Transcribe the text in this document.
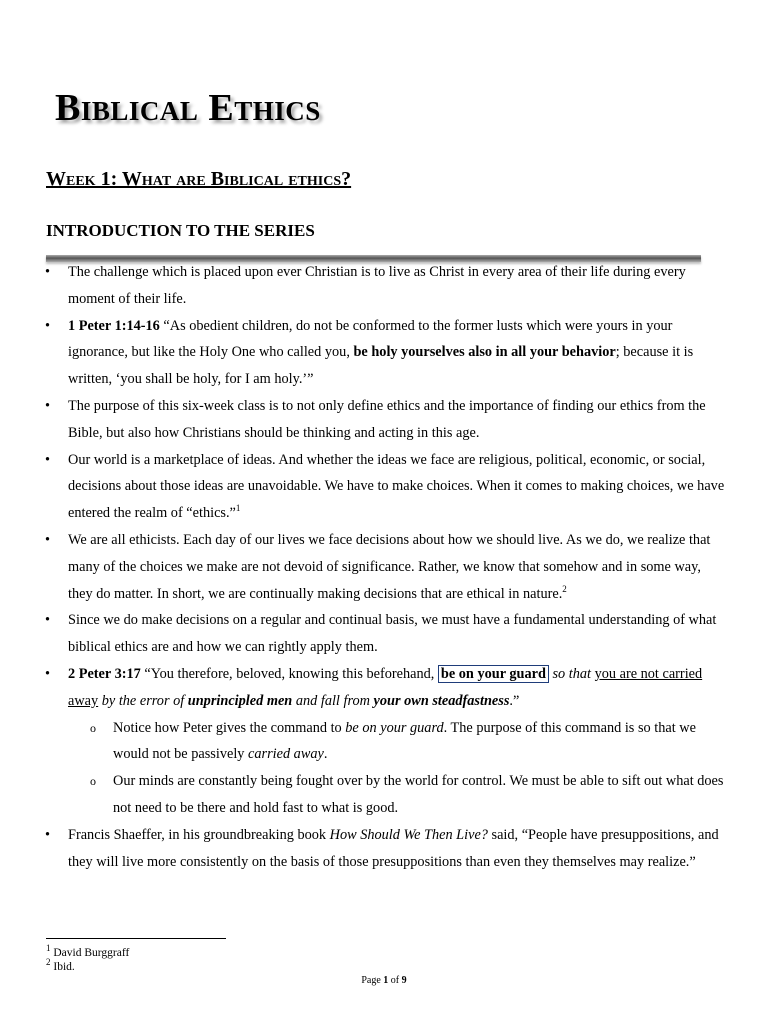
Biblical Ethics
Week 1: What are Biblical ethics?
INTRODUCTION TO THE SERIES
• The challenge which is placed upon ever Christian is to live as Christ in every area of their life during every moment of their life.
• 1 Peter 1:14-16 “As obedient children, do not be conformed to the former lusts which were yours in your ignorance, but like the Holy One who called you, be holy yourselves also in all your behavior; because it is written, ‘you shall be holy, for I am holy.’”
• The purpose of this six-week class is to not only define ethics and the importance of finding our ethics from the Bible, but also how Christians should be thinking and acting in this age.
• Our world is a marketplace of ideas. And whether the ideas we face are religious, political, economic, or social, decisions about those ideas are unavoidable. We have to make choices. When it comes to making choices, we have entered the realm of “ethics.”$^1$
• We are all ethicists. Each day of our lives we face decisions about how we should live. As we do, we realize that many of the choices we make are not devoid of significance. Rather, we know that somehow and in some way, they do matter. In short, we are continually making decisions that are ethical in nature.$^2$
• Since we do make decisions on a regular and continual basis, we must have a fundamental understanding of what biblical ethics are and how we can rightly apply them.
• 2 Peter 3:17 “You therefore, beloved, knowing this beforehand, be on your guard so that you are not carried away by the error of unprincipled men and fall from your own steadfastness.”
o Notice how Peter gives the command to be on your guard. The purpose of this command is so that we would not be passively carried away.
o Our minds are constantly being fought over by the world for control. We must be able to sift out what does not need to be there and hold fast to what is good.
• Francis Shaeffer, in his groundbreaking book How Should We Then Live? said, “People have presuppositions, and they will live more consistently on the basis of those presuppositions than even they themselves may realize.”
$^1$ David Burggraff
$^2$ Ibid.
Page 1 of 9
